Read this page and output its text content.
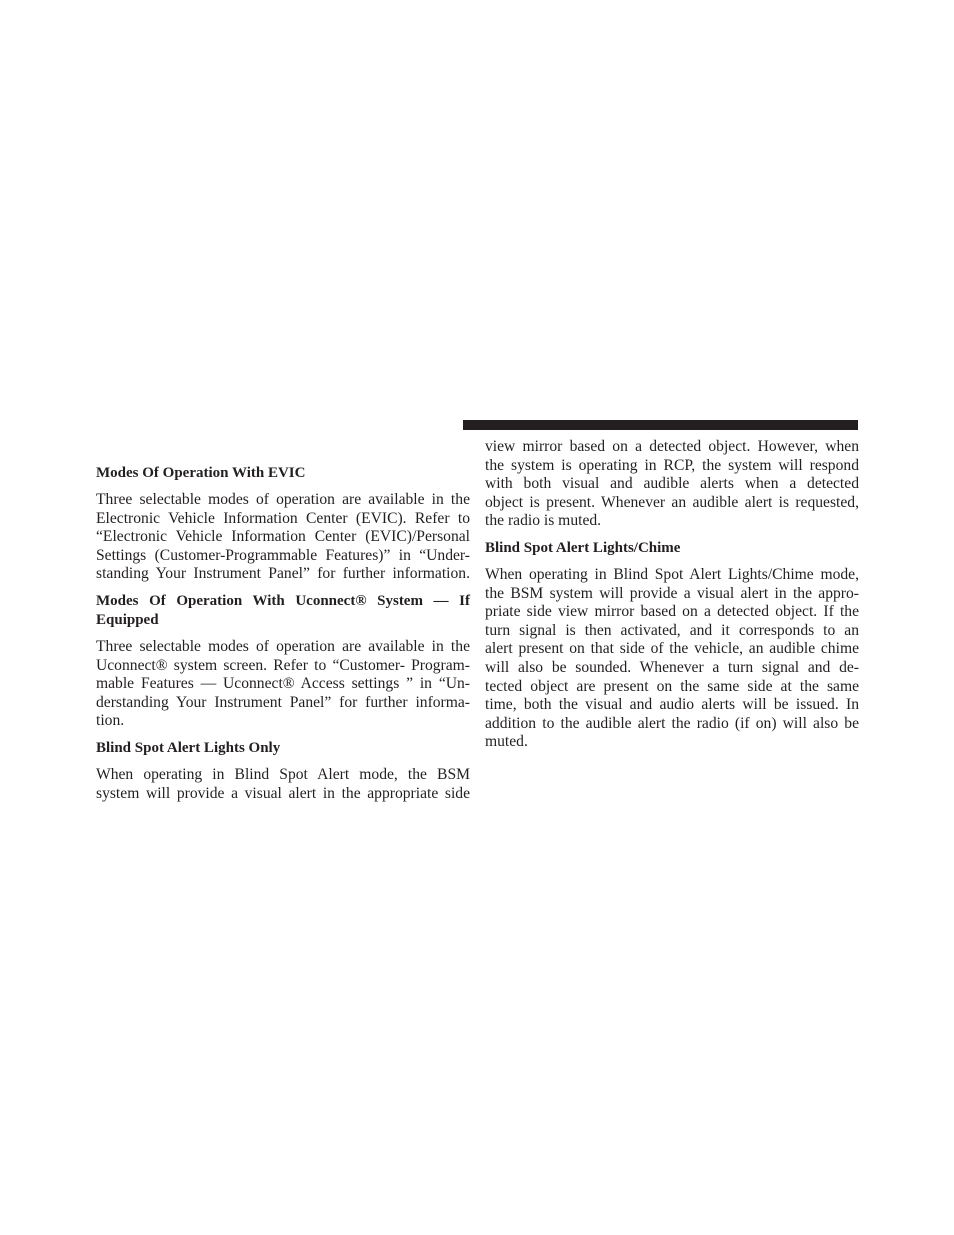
Modes Of Operation With EVIC

Three selectable modes of operation are available in the
Electronic Vehicle Information Center (EVIC). Refer to
“Electronic Vehicle Information Center (EVIC)/Personal
Settings (Customer-Programmable Features)” in “Under-
standing Your Instrument Panel” for further information.

Modes Of Operation With Uconnect® System — If
Equipped

Three selectable modes of operation are available in the
Uconnect® system screen. Refer to “Customer- Program-
mable Features — Uconnect® Access settings ” in “Un-
derstanding Your Instrument Panel” for further informa-
tion.

Blind Spot Alert Lights Only

When operating in Blind Spot Alert mode, the BSM
system will provide a visual alert in the appropriate side

view mirror based on a detected object. However, when
the system is operating in RCP, the system will respond
with both visual and audible alerts when a detected
object is present. Whenever an audible alert is requested,
the radio is muted.

Blind Spot Alert Lights/Chime

When operating in Blind Spot Alert Lights/Chime mode,
the BSM system will provide a visual alert in the appro-
priate side view mirror based on a detected object. If the
turn signal is then activated, and it corresponds to an
alert present on that side of the vehicle, an audible chime
will also be sounded. Whenever a turn signal and de-
tected object are present on the same side at the same
time, both the visual and audio alerts will be issued. In
addition to the audible alert the radio (if on) will also be
muted.
